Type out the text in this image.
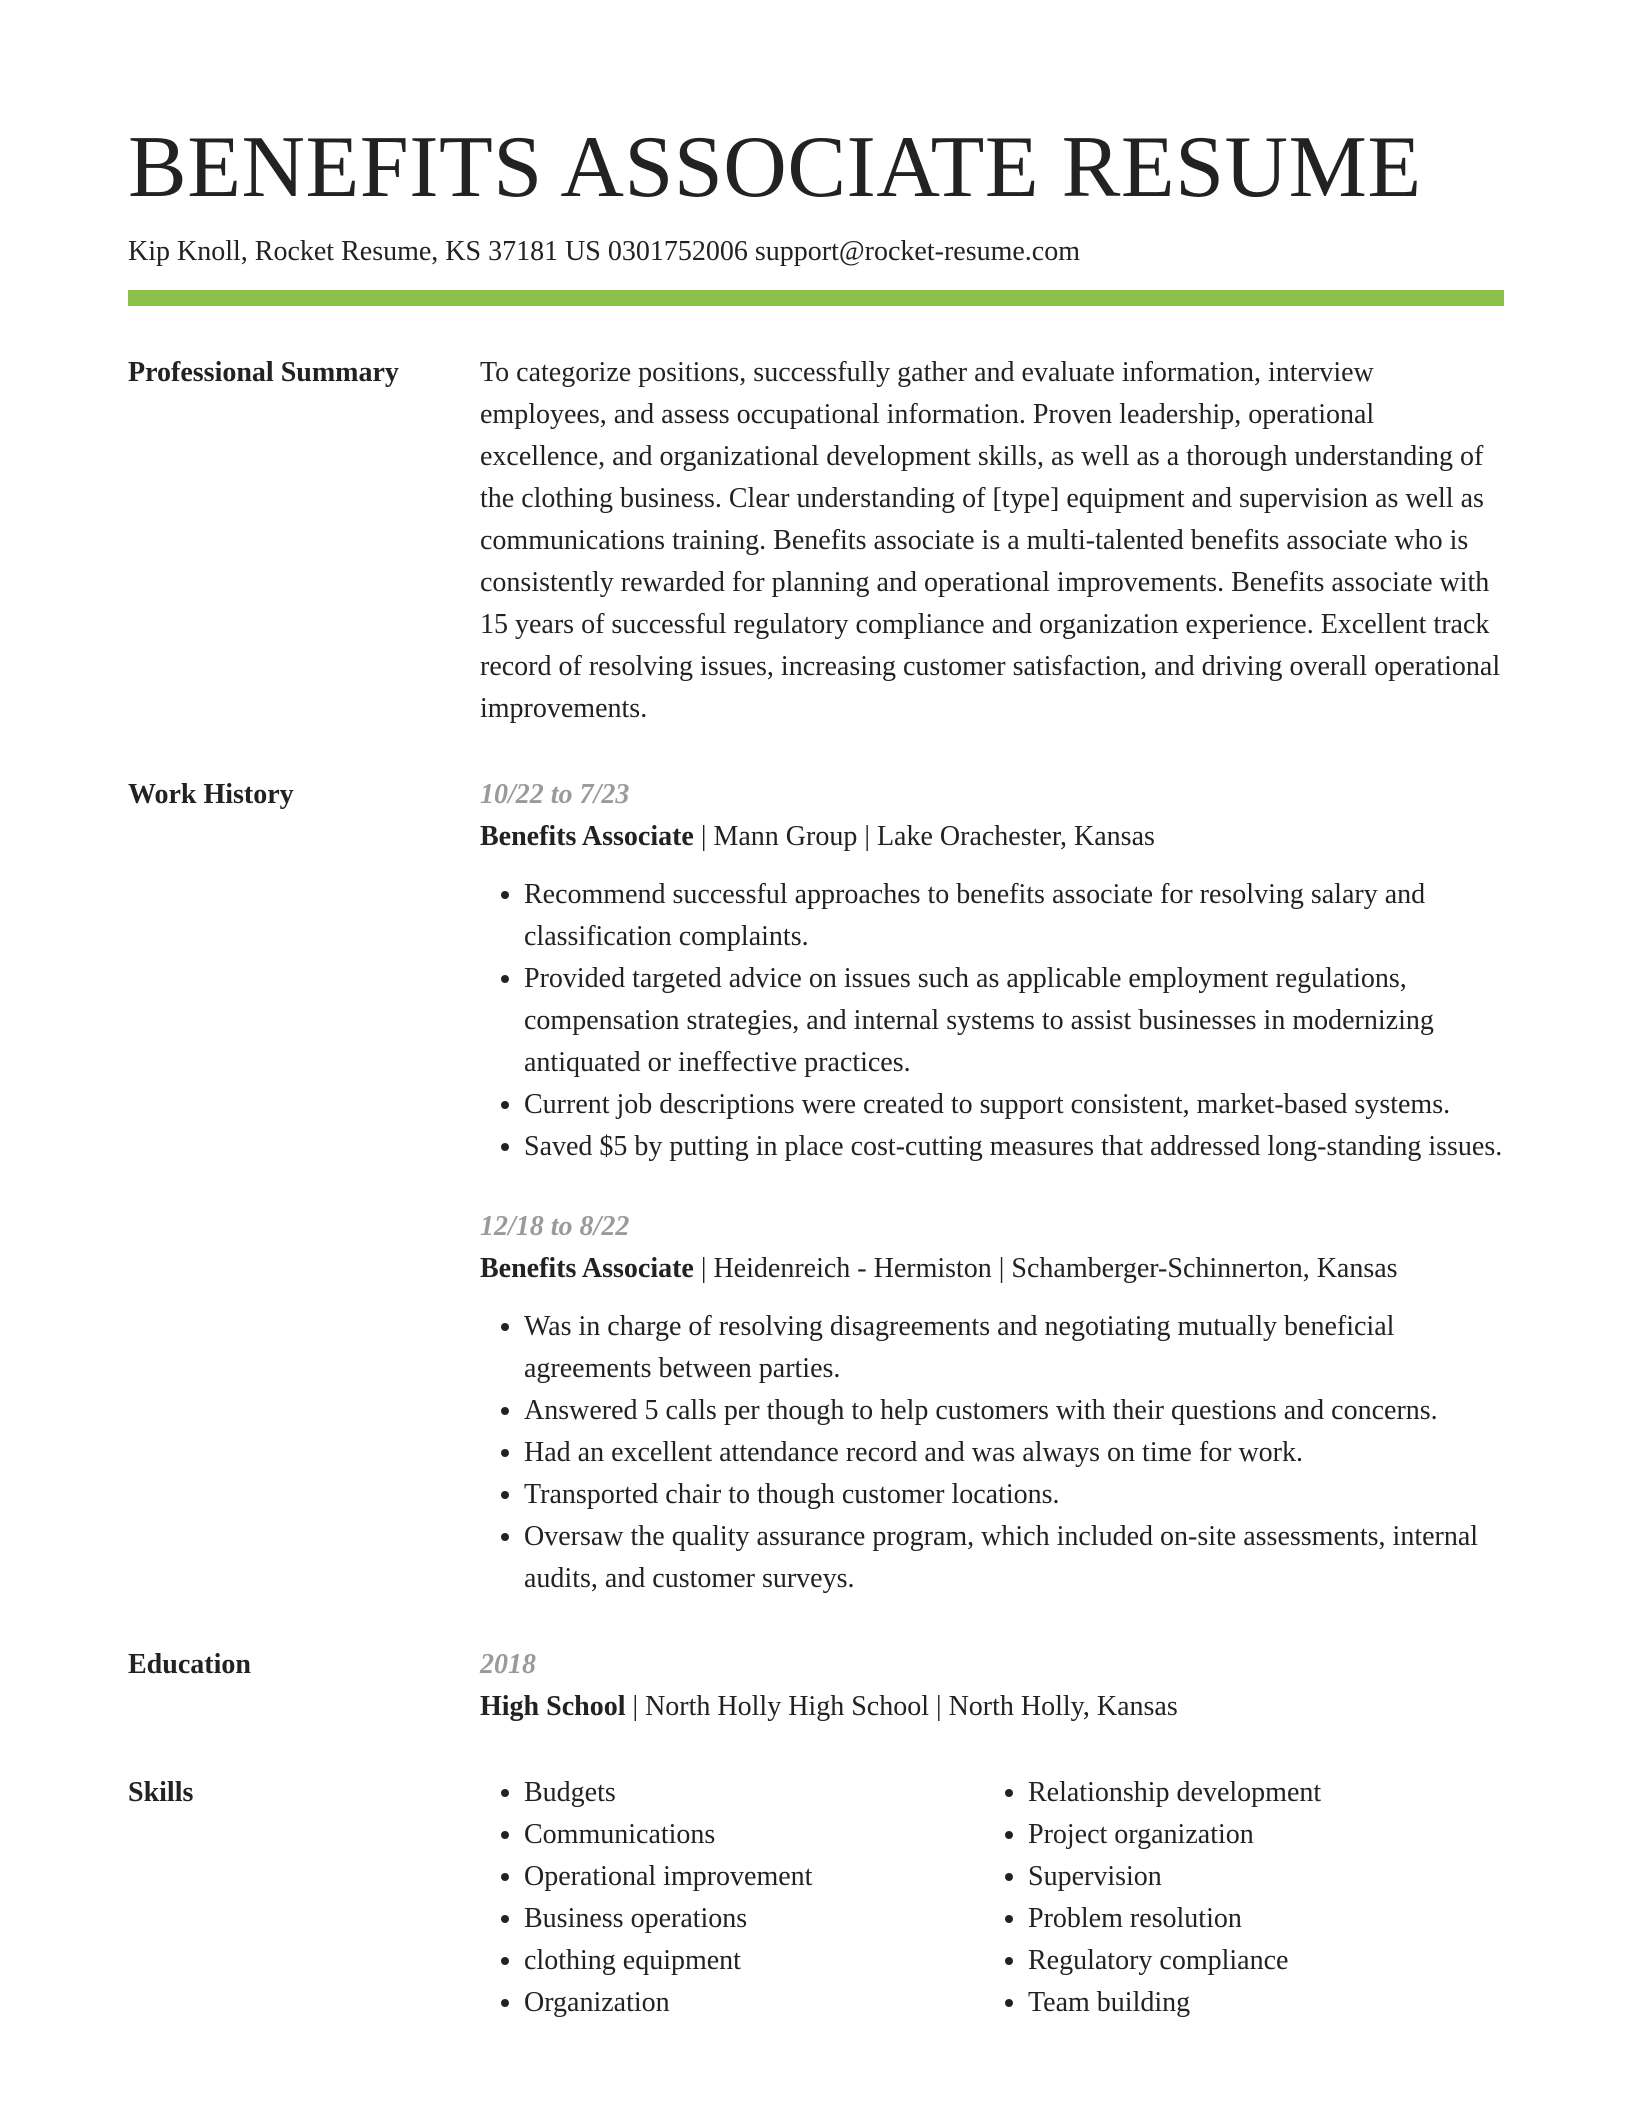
BENEFITS ASSOCIATE RESUME
Kip Knoll, Rocket Resume, KS 37181 US 0301752006 support@rocket-resume.com
Professional Summary	To categorize positions, successfully gather and evaluate information, interview employees, and assess occupational information. Proven leadership, operational excellence, and organizational development skills, as well as a thorough understanding of the clothing business. Clear understanding of [type] equipment and supervision as well as communications training. Benefits associate is a multi-talented benefits associate who is consistently rewarded for planning and operational improvements. Benefits associate with 15 years of successful regulatory compliance and organization experience. Excellent track record of resolving issues, increasing customer satisfaction, and driving overall operational improvements.

Work History	10/22 to 7/23
Benefits Associate | Mann Group | Lake Orachester, Kansas
• Recommend successful approaches to benefits associate for resolving salary and classification complaints.
• Provided targeted advice on issues such as applicable employment regulations, compensation strategies, and internal systems to assist businesses in modernizing antiquated or ineffective practices.
• Current job descriptions were created to support consistent, market-based systems.
• Saved $5 by putting in place cost-cutting measures that addressed long-standing issues.
12/18 to 8/22
Benefits Associate | Heidenreich - Hermiston | Schamberger-Schinnerton, Kansas
• Was in charge of resolving disagreements and negotiating mutually beneficial agreements between parties.
• Answered 5 calls per though to help customers with their questions and concerns.
• Had an excellent attendance record and was always on time for work.
• Transported chair to though customer locations.
• Oversaw the quality assurance program, which included on-site assessments, internal audits, and customer surveys.
Education	2018
High School | North Holly High School | North Holly, Kansas
Skills
•	Budgets
• Communications
• Operational improvement
• Business operations
• clothing equipment
• Organization
• Relationship development
• Project organization
• Supervision
• Problem resolution
• Regulatory compliance
• Team building
